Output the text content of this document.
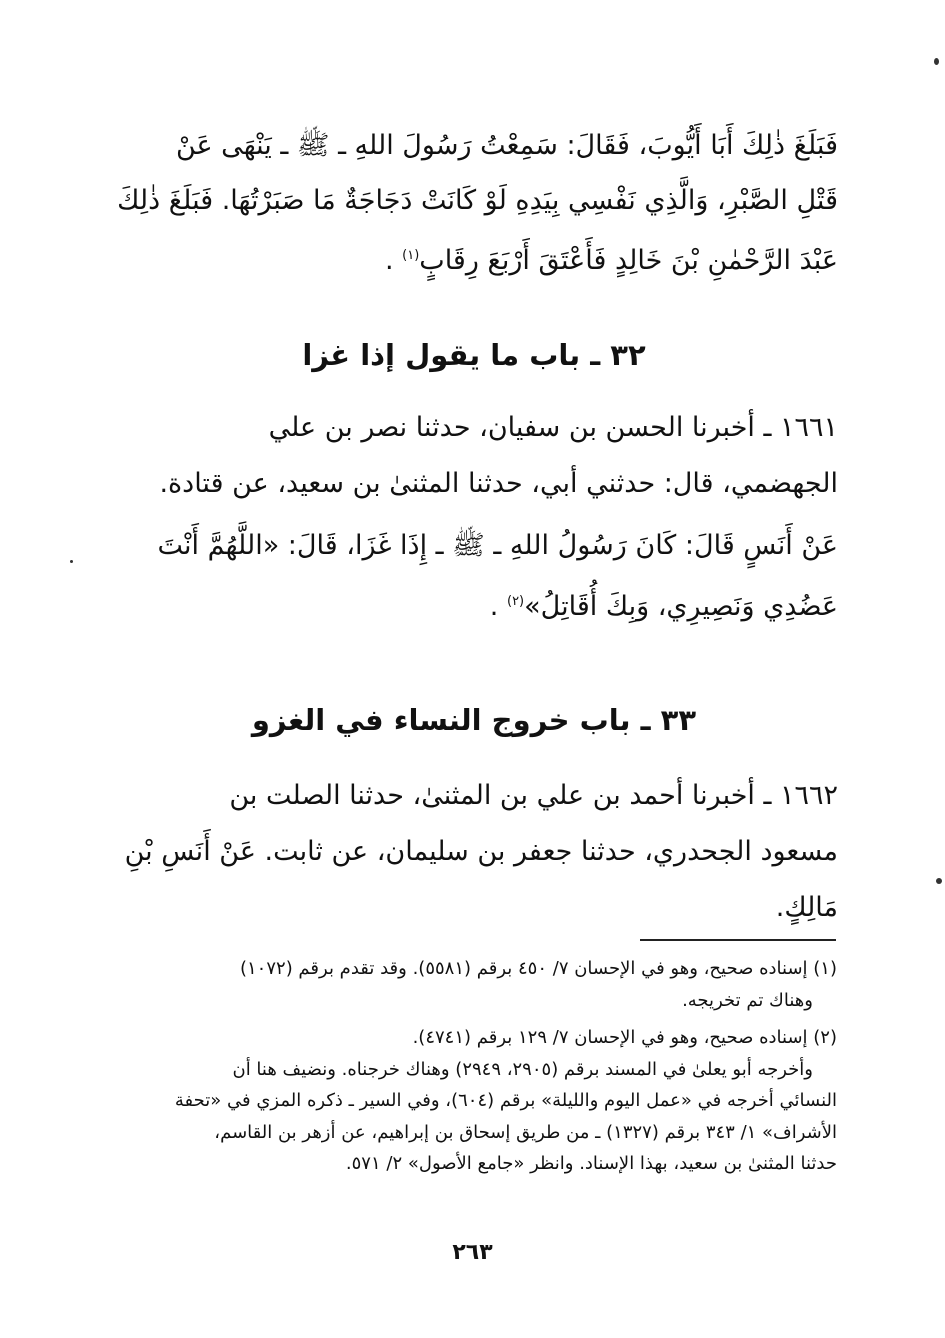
فَبَلَغَ ذٰلِكَ أَبَا أَيُّوبَ، فَقَالَ: سَمِعْتُ رَسُولَ اللهِ ـ ﷺ ـ يَنْهَى عَنْ
قَتْلِ الصَّبْرِ، وَالَّذِي نَفْسِي بِيَدِهِ لَوْ كَانَتْ دَجَاجَةٌ مَا صَبَرْتُهَا. فَبَلَغَ ذٰلِكَ
عَبْدَ الرَّحْمٰنِ بْنَ خَالِدٍ فَأَعْتَقَ أَرْبَعَ رِقَابٍ$^{(١)}$ .
٣٢ ـ باب ما يقول إذا غزا
١٦٦١ ـ أخبرنا الحسن بن سفيان، حدثنا نصر بن علي
الجهضمي، قال: حدثني أبي، حدثنا المثنىٰ بن سعيد، عن قتادة.
عَنْ أَنَسٍ قَالَ: كَانَ رَسُولُ اللهِ ـ ﷺ ـ إِذَا غَزَا، قَالَ: «اللَّهُمَّ أَنْتَ
عَضُدِي وَنَصِيرِي، وَبِكَ أُقَاتِلُ»$^{(٢)}$ .
٣٣ ـ باب خروج النساء في الغزو
١٦٦٢ ـ أخبرنا أحمد بن علي بن المثنىٰ، حدثنا الصلت بن
مسعود الجحدري، حدثنا جعفر بن سليمان، عن ثابت. عَنْ أَنَسِ بْنِ
مَالِكٍ.
(١) إسناده صحيح، وهو في الإحسان ٧/ ٤٥٠ برقم (٥٥٨١). وقد تقدم برقم (١٠٧٢)
وهناك تم تخريجه.
(٢) إسناده صحيح، وهو في الإحسان ٧/ ١٢٩ برقم (٤٧٤١).
وأخرجه أبو يعلىٰ في المسند برقم (٢٩٠٥، ٢٩٤٩) وهناك خرجناه. ونضيف هنا أن
النسائي أخرجه في «عمل اليوم والليلة» برقم (٦٠٤)، وفي السير ـ ذكره المزي في «تحفة
الأشراف» ١/ ٣٤٣ برقم (١٣٢٧) ـ من طريق إسحاق بن إبراهيم، عن أزهر بن القاسم،
حدثنا المثنىٰ بن سعيد، بهذا الإسناد. وانظر «جامع الأصول» ٢/ ٥٧١.
٢٦٣
